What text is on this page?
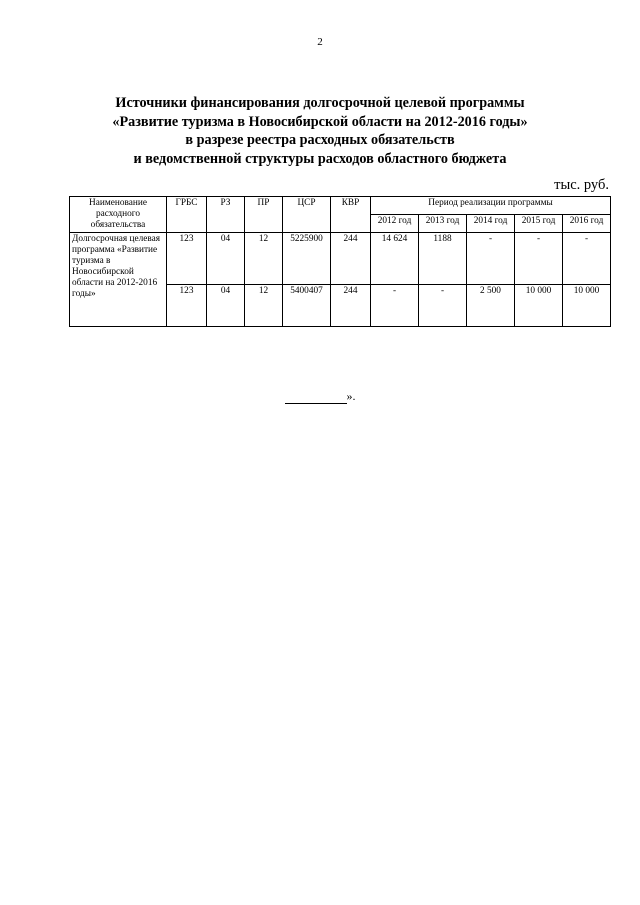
2
Источники финансирования долгосрочной целевой программы
«Развитие туризма в Новосибирской области на 2012-2016 годы»
в разрезе реестра расходных обязательств
и ведомственной структуры расходов областного бюджета
тыс. руб.
Наименование расходного обязательства	ГРБС	РЗ	ПР	ЦСР	КВР	Период реализации программы				
						2012 год	2013 год	2014 год	2015 год	2016 год
Долгосрочная целевая программа «Развитие туризма в Новосибирской области на 2012-2016 годы»	123	04	12	5225900	244	14 624	1188	-	-	-
	123	04	12	5400407	244	-	-	2 500	10 000	10 000
».
